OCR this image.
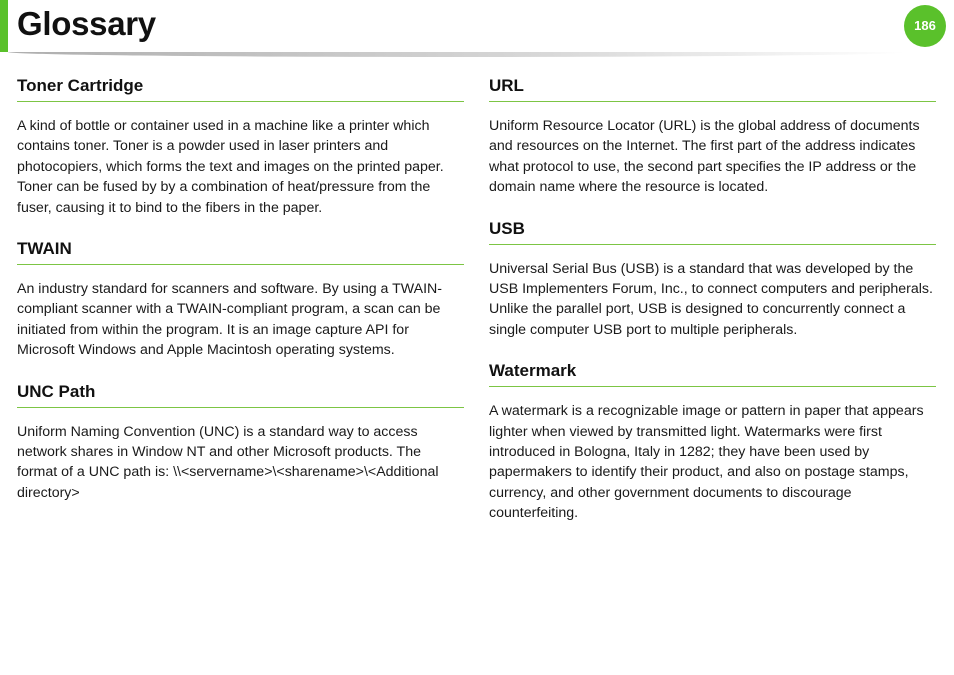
Glossary	186
Toner Cartridge

A kind of bottle or container used in a machine like a printer which contains toner. Toner is a powder used in laser printers and photocopiers, which forms the text and images on the printed paper. Toner can be fused by by a combination of heat/pressure from the fuser, causing it to bind to the fibers in the paper.

TWAIN

An industry standard for scanners and software. By using a TWAIN-compliant scanner with a TWAIN-compliant program, a scan can be initiated from within the program. It is an image capture API for Microsoft Windows and Apple Macintosh operating systems.

UNC Path

Uniform Naming Convention (UNC) is a standard way to access network shares in Window NT and other Microsoft products. The format of a UNC path is: \\<servername>\<sharename>\<Additional directory>

URL

Uniform Resource Locator (URL) is the global address of documents and resources on the Internet. The first part of the address indicates what protocol to use, the second part specifies the IP address or the domain name where the resource is located.

USB

Universal Serial Bus (USB) is a standard that was developed by the USB Implementers Forum, Inc., to connect computers and peripherals. Unlike the parallel port, USB is designed to concurrently connect a single computer USB port to multiple peripherals.

Watermark

A watermark is a recognizable image or pattern in paper that appears lighter when viewed by transmitted light. Watermarks were first introduced in Bologna, Italy in 1282; they have been used by papermakers to identify their product, and also on postage stamps, currency, and other government documents to discourage counterfeiting.
